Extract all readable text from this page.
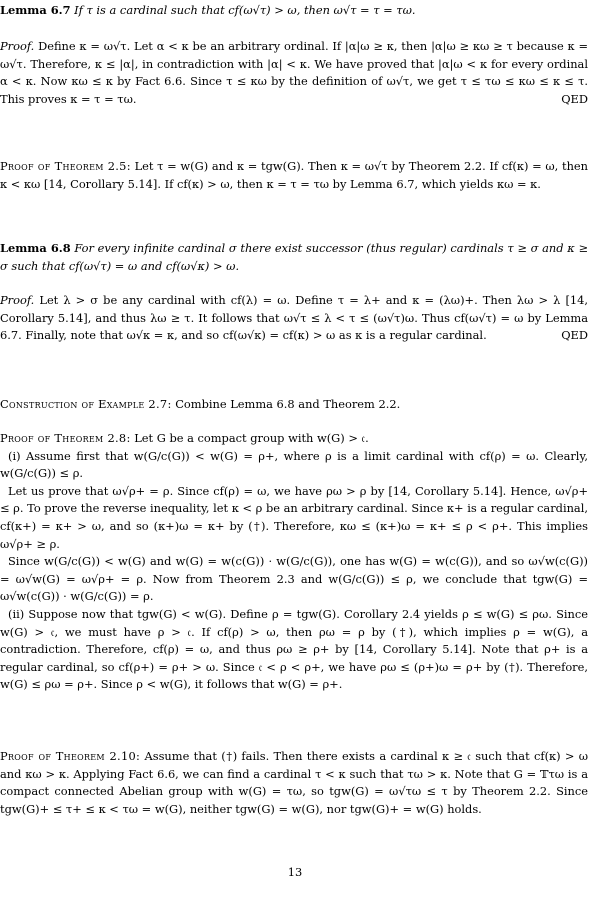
Lemma 6.7 If τ is a cardinal such that cf(ω√τ) > ω, then ω√τ = τ = τω.
Proof. Define κ = ω√τ. Let α < κ be an arbitrary ordinal. If |α|ω ≥ κ, then |α|ω ≥ κω ≥ τ because κ = ω√τ. Therefore, κ ≤ |α|, in contradiction with |α| < κ. We have proved that |α|ω < κ for every ordinal α < κ. Now κω ≤ κ by Fact 6.6. Since τ ≤ κω by the definition of ω√τ, we get τ ≤ τω ≤ κω ≤ κ ≤ τ. This proves κ = τ = τω.	QED
Proof of Theorem 2.5: Let τ = w(G) and κ = tgw(G). Then κ = ω√τ by Theorem 2.2. If cf(κ) = ω, then κ < κω [14, Corollary 5.14]. If cf(κ) > ω, then κ = τ = τω by Lemma 6.7, which yields κω = κ.
Lemma 6.8 For every infinite cardinal σ there exist successor (thus regular) cardinals τ ≥ σ and κ ≥ σ such that cf(ω√τ) = ω and cf(ω√κ) > ω.
Proof. Let λ > σ be any cardinal with cf(λ) = ω. Define τ = λ+ and κ = (λω)+. Then λω > λ [14, Corollary 5.14], and thus λω ≥ τ. It follows that ω√τ ≤ λ < τ ≤ (ω√τ)ω. Thus cf(ω√τ) = ω by Lemma 6.7. Finally, note that ω√κ = κ, and so cf(ω√κ) = cf(κ) > ω as κ is a regular cardinal.	QED
Construction of Example 2.7: Combine Lemma 6.8 and Theorem 2.2.
Proof of Theorem 2.8: Let G be a compact group with w(G) > 𝔠.
(i) Assume first that w(G/c(G)) < w(G) = ρ+, where ρ is a limit cardinal with cf(ρ) = ω. Clearly, w(G/c(G)) ≤ ρ.
Let us prove that ω√ρ+ = ρ. Since cf(ρ) = ω, we have ρω > ρ by [14, Corollary 5.14]. Hence, ω√ρ+ ≤ ρ. To prove the reverse inequality, let κ < ρ be an arbitrary cardinal. Since κ+ is a regular cardinal, cf(κ+) = κ+ > ω, and so (κ+)ω = κ+ by (†). Therefore, κω ≤ (κ+)ω = κ+ ≤ ρ < ρ+. This implies ω√ρ+ ≥ ρ.
Since w(G/c(G)) < w(G) and w(G) = w(c(G)) · w(G/c(G)), one has w(G) = w(c(G)), and so ω√w(c(G)) = ω√w(G) = ω√ρ+ = ρ. Now from Theorem 2.3 and w(G/c(G)) ≤ ρ, we conclude that tgw(G) = ω√w(c(G)) · w(G/c(G)) = ρ.
(ii) Suppose now that tgw(G) < w(G). Define ρ = tgw(G). Corollary 2.4 yields ρ ≤ w(G) ≤ ρω. Since w(G) > 𝔠, we must have ρ > 𝔠. If cf(ρ) > ω, then ρω = ρ by (†), which implies ρ = w(G), a contradiction. Therefore, cf(ρ) = ω, and thus ρω ≥ ρ+ by [14, Corollary 5.14]. Note that ρ+ is a regular cardinal, so cf(ρ+) = ρ+ > ω. Since 𝔠 < ρ < ρ+, we have ρω ≤ (ρ+)ω = ρ+ by (†). Therefore, w(G) ≤ ρω = ρ+. Since ρ < w(G), it follows that w(G) = ρ+.
Proof of Theorem 2.10: Assume that (†) fails. Then there exists a cardinal κ ≥ 𝔠 such that cf(κ) > ω and κω > κ. Applying Fact 6.6, we can find a cardinal τ < κ such that τω > κ. Note that G = 𝕋τω is a compact connected Abelian group with w(G) = τω, so tgw(G) = ω√τω ≤ τ by Theorem 2.2. Since tgw(G)+ ≤ τ+ ≤ κ < τω = w(G), neither tgw(G) = w(G), nor tgw(G)+ = w(G) holds.
13
